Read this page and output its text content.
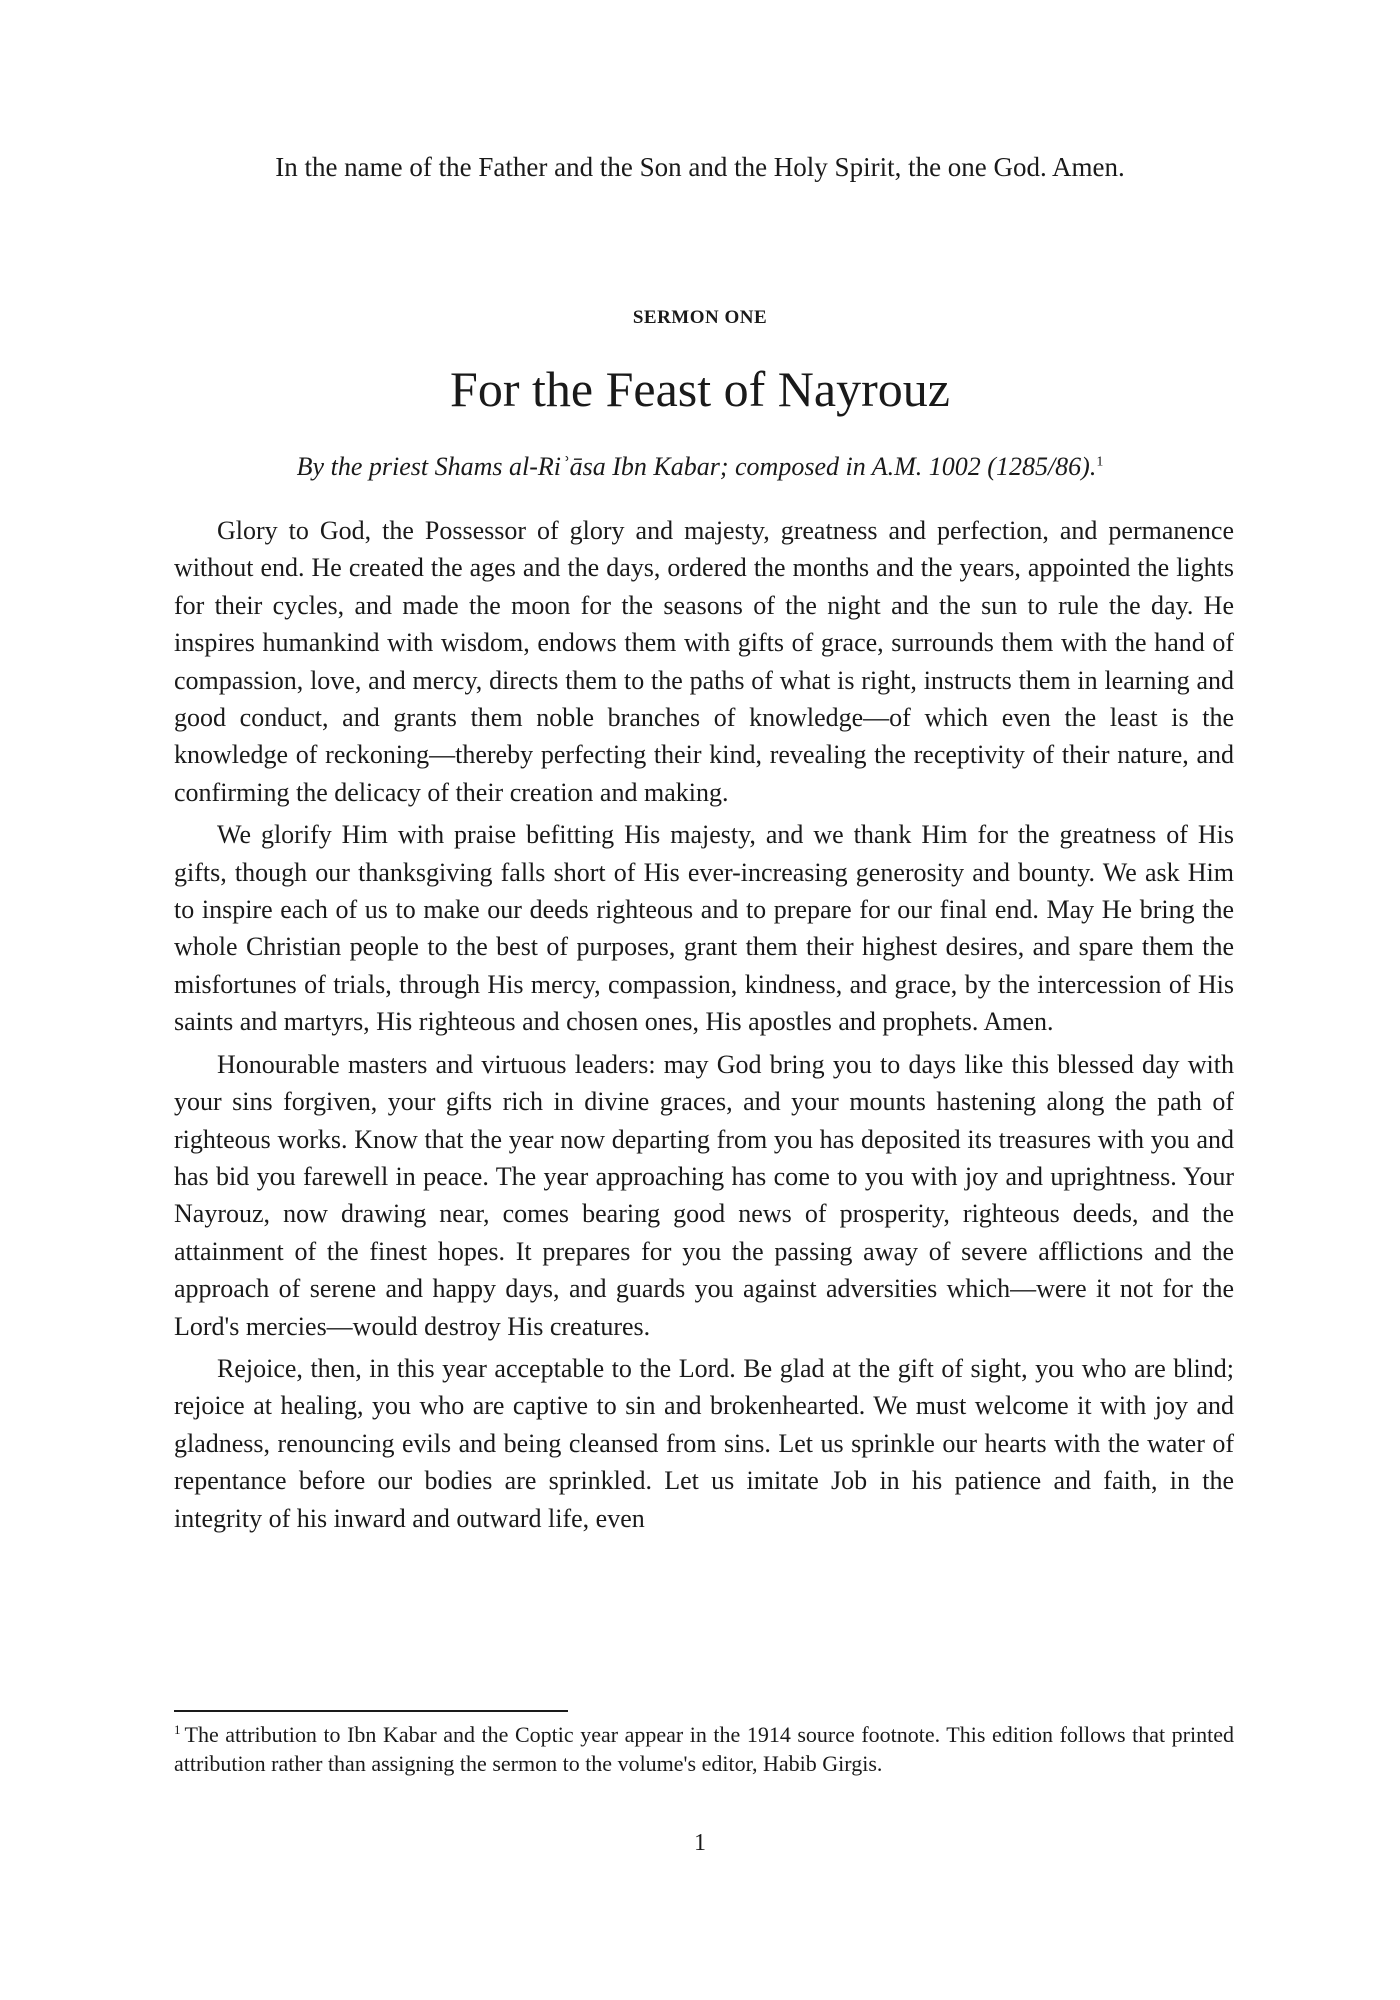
In the name of the Father and the Son and the Holy Spirit, the one God. Amen.
SERMON ONE
For the Feast of Nayrouz
By the priest Shams al-Riʾāsa Ibn Kabar; composed in A.M. 1002 (1285/86).$^1$

Glory to God, the Possessor of glory and majesty, greatness and perfection, and permanence without end. He created the ages and the days, ordered the months and the years, appointed the lights for their cycles, and made the moon for the seasons of the night and the sun to rule the day. He inspires humankind with wisdom, endows them with gifts of grace, surrounds them with the hand of compassion, love, and mercy, directs them to the paths of what is right, instructs them in learning and good conduct, and grants them noble branches of knowledge—of which even the least is the knowledge of reckoning—thereby perfecting their kind, revealing the receptivity of their nature, and confirming the delicacy of their creation and making.

We glorify Him with praise befitting His majesty, and we thank Him for the greatness of His gifts, though our thanksgiving falls short of His ever-increasing generosity and bounty. We ask Him to inspire each of us to make our deeds righteous and to prepare for our final end. May He bring the whole Christian people to the best of purposes, grant them their highest desires, and spare them the misfortunes of trials, through His mercy, compassion, kindness, and grace, by the intercession of His saints and martyrs, His righteous and chosen ones, His apostles and prophets. Amen.

Honourable masters and virtuous leaders: may God bring you to days like this blessed day with your sins forgiven, your gifts rich in divine graces, and your mounts hastening along the path of righteous works. Know that the year now departing from you has deposited its treasures with you and has bid you farewell in peace. The year approaching has come to you with joy and uprightness. Your Nayrouz, now drawing near, comes bearing good news of prosperity, righteous deeds, and the attainment of the finest hopes. It prepares for you the passing away of severe afflictions and the approach of serene and happy days, and guards you against adversities which—were it not for the Lord's mercies—would destroy His creatures.

Rejoice, then, in this year acceptable to the Lord. Be glad at the gift of sight, you who are blind; rejoice at healing, you who are captive to sin and brokenhearted. We must welcome it with joy and gladness, renouncing evils and being cleansed from sins. Let us sprinkle our hearts with the water of repentance before our bodies are sprinkled. Let us imitate Job in his patience and faith, in the integrity of his inward and outward life, even

$^1$ The attribution to Ibn Kabar and the Coptic year appear in the 1914 source footnote. This edition follows that printed attribution rather than assigning the sermon to the volume's editor, Habib Girgis.
1
